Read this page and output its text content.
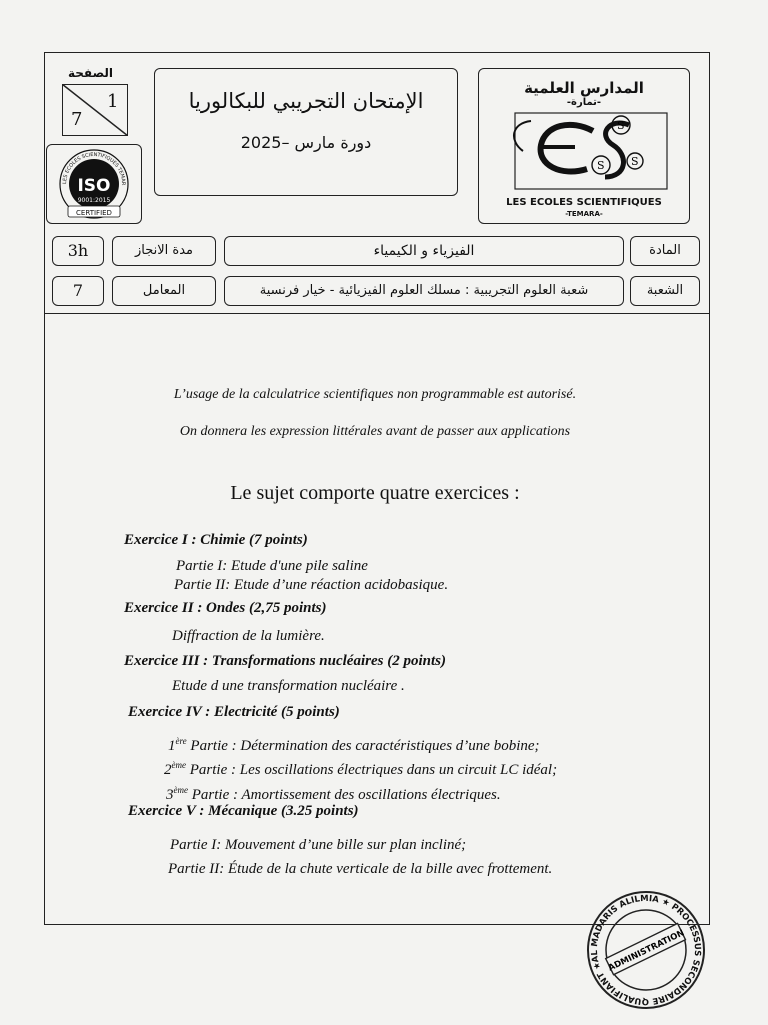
الصفحة
1
7
ISO
9001:2015
CERTIFIED
LES ECOLES SCIENTIFIQUES TEMAR
الإمتحان التجريبي للبكالوريا
دورة مارس –2025
المدارس العلمية
-تمارة-
S
S S
LES ECOLES SCIENTIFIQUES
-TEMARA-
3h	مدة الانجاز	الفيزياء و الكيمياء	المادة
7	المعامل	شعبة العلوم التجريبية : مسلك العلوم الفيزيائية - خيار فرنسية	الشعبة
L’usage de la calculatrice scientifiques non programmable est autorisé.
On donnera les expression littérales avant de passer aux applications
Le sujet comporte quatre exercices :
Exercice I : Chimie (7 points)
Partie I: Etude d'une pile saline
Partie II: Etude d’une réaction acidobasique.
Exercice II : Ondes (2,75 points)
Diffraction de la lumière.
Exercice III : Transformations nucléaires (2 points)
Etude d une transformation nucléaire .
Exercice IV : Electricité (5 points)
1ère Partie : Détermination des caractéristiques d’une bobine;
2ème Partie : Les oscillations électriques dans un circuit LC idéal;
3ème Partie : Amortissement des oscillations électriques.
Exercice V : Mécanique (3.25 points)
Partie I: Mouvement d’une bille sur plan incliné;
Partie II: Étude de la chute verticale de la bille avec frottement.
AL MADARIS ALILMIA ★ PROCESSUS SECONDAIRE QUALIFIANT ★ ADMINISTRATION
